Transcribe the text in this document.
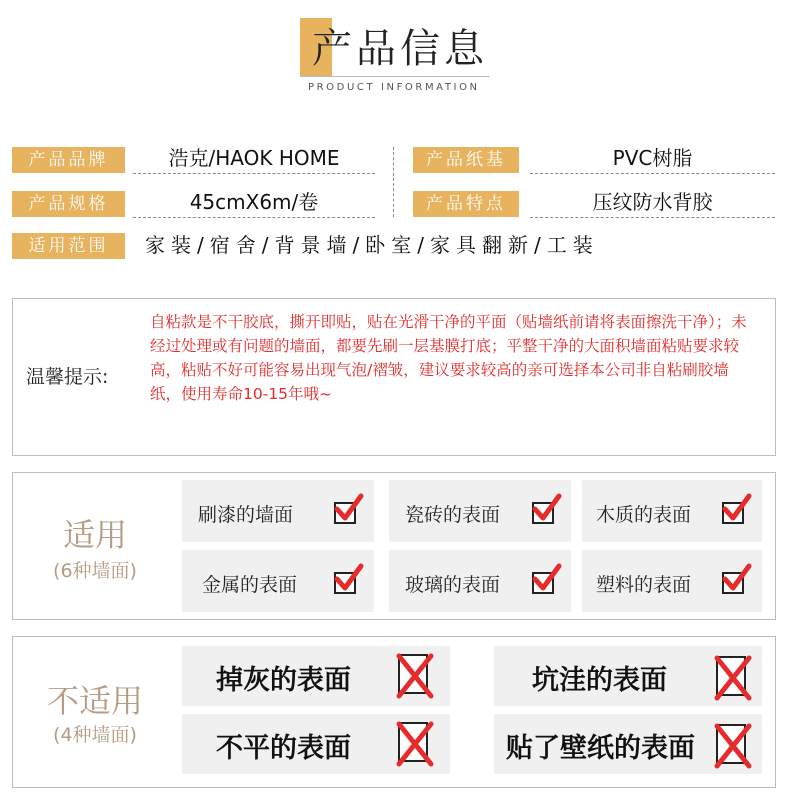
产品信息
PRODUCT INFORMATION
产品品牌	浩克/HAOK HOME	产品纸基	PVC树脂
产品规格	45cmX6m/卷	产品特点	压纹防水背胶
适用范围	家装/宿舍/背景墙/卧室/家具翻新/工装
温馨提示:
自粘款是不干胶底，撕开即贴，贴在光滑干净的平面（贴墙纸前请将表面擦洗干净）；未经过处理或有问题的墙面，都要先刷一层基膜打底；平整干净的大面积墙面粘贴要求较高，粘贴不好可能容易出现气泡/褶皱，建议要求较高的亲可选择本公司非自粘刷胶墙纸，使用寿命10-15年哦~
适用
(6种墙面)
刷漆的墙面	瓷砖的表面	木质的表面
金属的表面	玻璃的表面	塑料的表面
不适用
(4种墙面)
掉灰的表面	坑洼的表面
不平的表面	贴了壁纸的表面
